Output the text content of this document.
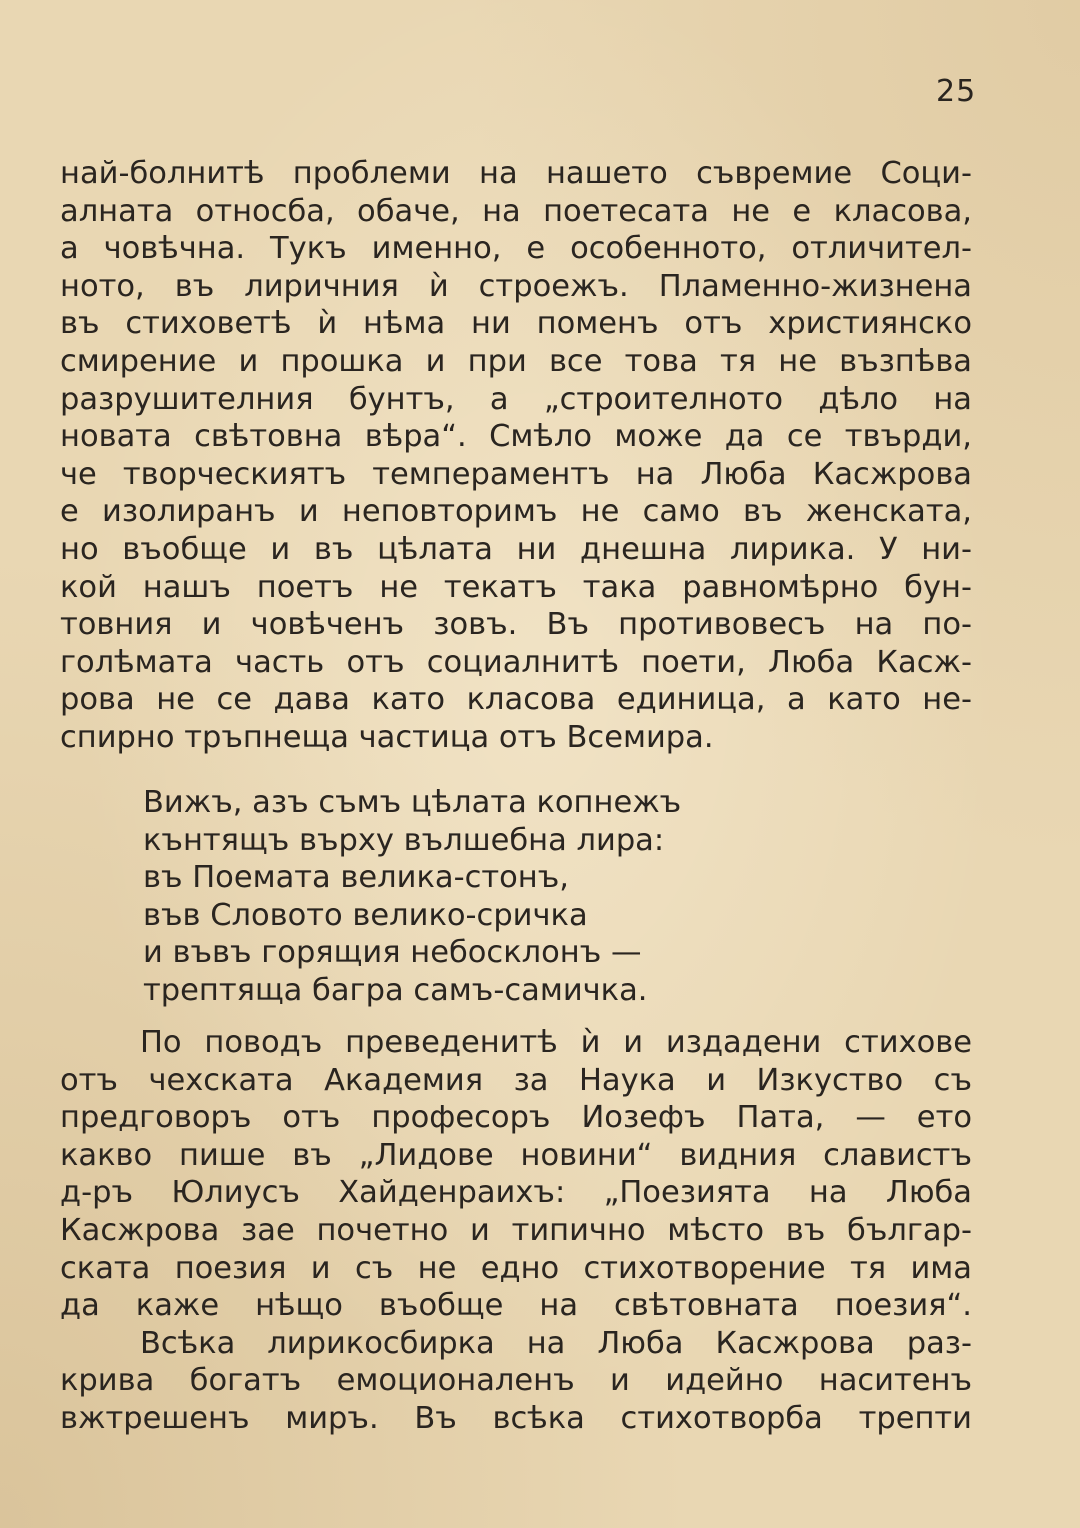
25
най-болнитѣ проблеми на нашето съвремие Соци-
алната относба, обаче, на поетесата не е класова,
а човѣчна. Тукъ именно, е особенното, отличител-
ното, въ лиричния ѝ строежъ. Пламенно-жизнена
въ стиховетѣ ѝ нѣма ни поменъ отъ християнско
смирение и прошка и при все това тя не възпѣва
разрушителния бунтъ, а „строителното дѣло на
новата свѣтовна вѣра“. Смѣло може да се твърди,
че творческиятъ темпераментъ на Люба Касжрова
е изолиранъ и неповторимъ не само въ женската,
но въобще и въ цѣлата ни днешна лирика. У ни-
кой нашъ поетъ не текатъ така равномѣрно бун-
товния и човѣченъ зовъ. Въ противовесъ на по-
голѣмата часть отъ социалнитѣ поети, Люба Касж-
рова не се дава като класова единица, а като не-
спирно тръпнеща частица отъ Всемира.
Вижъ, азъ съмъ цѣлата копнежъ
кънтящъ върху вълшебна лира:
въ Поемата велика-стонъ,
във Словото велико-сричка
и въвъ горящия небосклонъ —
трептяща багра самъ-самичка.
По поводъ преведенитѣ ѝ и издадени стихове
отъ чехската Академия за Наука и Изкуство съ
предговоръ отъ професоръ Иозефъ Пата, — ето
какво пише въ „Лидове новини“ видния славистъ
д-ръ Юлиусъ Хайденраихъ: „Поезията на Люба
Касжрова зае почетно и типично мѣсто въ българ-
ската поезия и съ не едно стихотворение тя има
да каже нѣщо въобще на свѣтовната поезия“.
Всѣка лирикосбирка на Люба Касжрова раз-
крива богатъ емоционаленъ и идейно наситенъ
вжтрешенъ миръ. Въ всѣка стихотворба трепти
